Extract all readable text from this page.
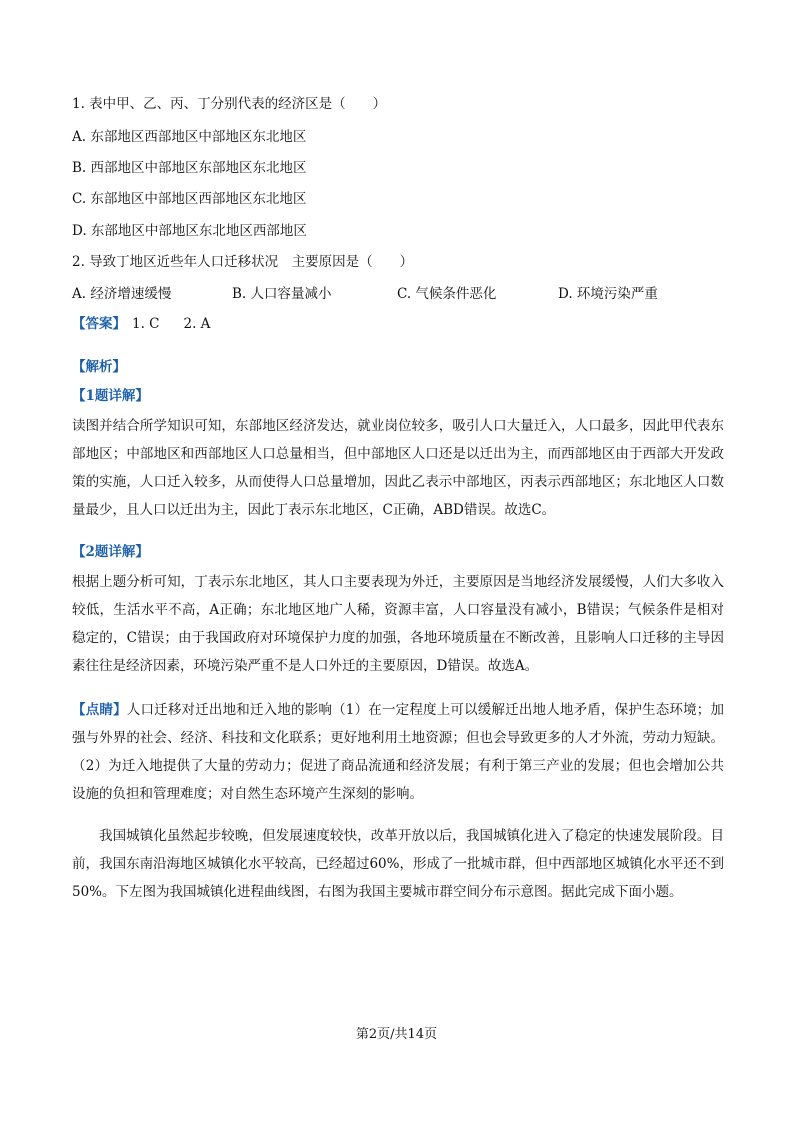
1. 表中甲、乙、丙、丁分别代表的经济区是（　　）
A. 东部地区西部地区中部地区东北地区
B. 西部地区中部地区东部地区东北地区
C. 东部地区中部地区西部地区东北地区
D. 东部地区中部地区东北地区西部地区
2. 导致丁地区近些年人口迁移状况　主要原因是（　　）
A. 经济增速缓慢	B. 人口容量减小	C. 气候条件恶化	D. 环境污染严重
【答案】 1. C 2. A
【解析】
【1题详解】
读图并结合所学知识可知，东部地区经济发达，就业岗位较多，吸引人口大量迁入，人口最多，因此甲代表东部地区；中部地区和西部地区人口总量相当，但中部地区人口还是以迁出为主，而西部地区由于西部大开发政策的实施，人口迁入较多，从而使得人口总量增加，因此乙表示中部地区，丙表示西部地区；东北地区人口数量最少，且人口以迁出为主，因此丁表示东北地区，C正确，ABD错误。故选C。
【2题详解】
根据上题分析可知，丁表示东北地区，其人口主要表现为外迁，主要原因是当地经济发展缓慢，人们大多收入较低，生活水平不高，A正确；东北地区地广人稀，资源丰富，人口容量没有减小，B错误；气候条件是相对稳定的，C错误；由于我国政府对环境保护力度的加强，各地环境质量在不断改善，且影响人口迁移的主导因素往往是经济因素，环境污染严重不是人口外迁的主要原因，D错误。故选A。
【点睛】人口迁移对迁出地和迁入地的影响（1）在一定程度上可以缓解迁出地人地矛盾，保护生态环境；加强与外界的社会、经济、科技和文化联系；更好地利用土地资源；但也会导致更多的人才外流，劳动力短缺。（2）为迁入地提供了大量的劳动力；促进了商品流通和经济发展；有利于第三产业的发展；但也会增加公共设施的负担和管理难度；对自然生态环境产生深刻的影响。
我国城镇化虽然起步较晚，但发展速度较快，改革开放以后，我国城镇化进入了稳定的快速发展阶段。目前，我国东南沿海地区城镇化水平较高，已经超过60%，形成了一批城市群，但中西部地区城镇化水平还不到50%。下左图为我国城镇化进程曲线图，右图为我国主要城市群空间分布示意图。据此完成下面小题。
第2页/共14页
